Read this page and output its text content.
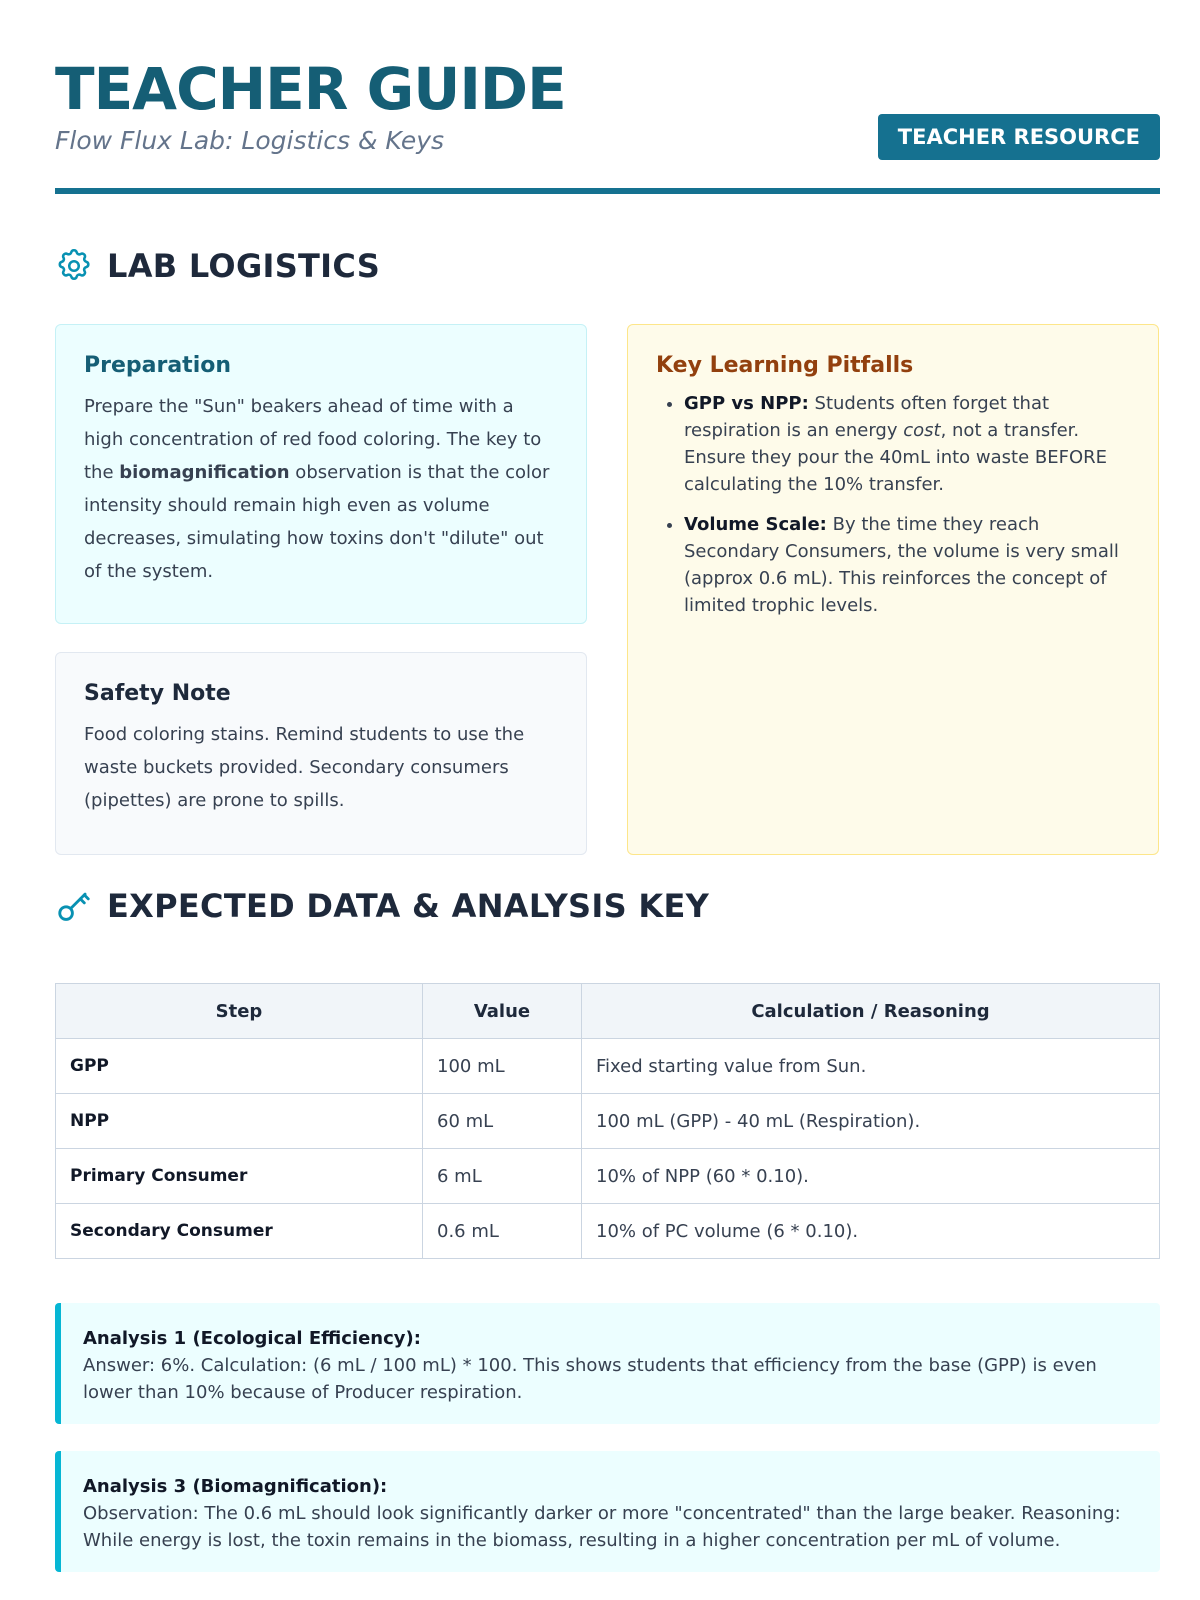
TEACHER GUIDE
Flow Flux Lab: Logistics & Keys	TEACHER RESOURCE
LAB LOGISTICS
Preparation

Prepare the "Sun" beakers ahead of time with a high concentration of red food coloring. The key to the biomagnification observation is that the color intensity should remain high even as volume decreases, simulating how toxins don't "dilute" out of the system.

Safety Note

Food coloring stains. Remind students to use the waste buckets provided. Secondary consumers (pipettes) are prone to spills.

Key Learning Pitfalls
• GPP vs NPP: Students often forget that respiration is an energy cost, not a transfer. Ensure they pour the 40mL into waste BEFORE calculating the 10% transfer.
• Volume Scale: By the time they reach Secondary Consumers, the volume is very small (approx 0.6 mL). This reinforces the concept of limited trophic levels.
EXPECTED DATA & ANALYSIS KEY
Step	Value	Calculation / Reasoning
GPP	100 mL	Fixed starting value from Sun.
NPP	60 mL	100 mL (GPP) - 40 mL (Respiration).
Primary Consumer	6 mL	10% of NPP (60 * 0.10).
Secondary Consumer	0.6 mL	10% of PC volume (6 * 0.10).
Analysis 1 (Ecological Efficiency):
Answer: 6%. Calculation: (6 mL / 100 mL) * 100. This shows students that efficiency from the base (GPP) is even lower than 10% because of Producer respiration.
Analysis 3 (Biomagnification):
Observation: The 0.6 mL should look significantly darker or more "concentrated" than the large beaker. Reasoning: While energy is lost, the toxin remains in the biomass, resulting in a higher concentration per mL of volume.
